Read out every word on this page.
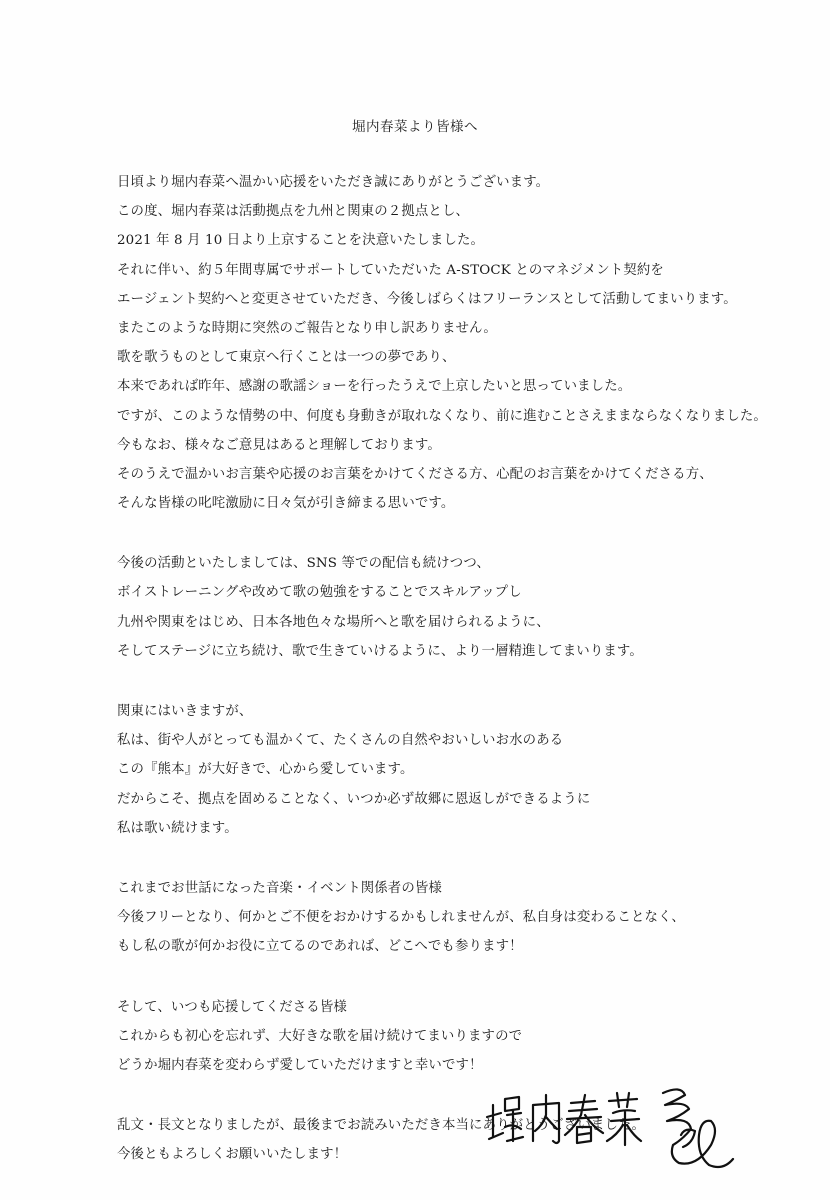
堀内春菜より皆様へ
日頃より堀内春菜へ温かい応援をいただき誠にありがとうございます。
この度、堀内春菜は活動拠点を九州と関東の２拠点とし、
2021 年 8 月 10 日より上京することを決意いたしました。
それに伴い、約５年間専属でサポートしていただいた A-STOCK とのマネジメント契約を
エージェント契約へと変更させていただき、今後しばらくはフリーランスとして活動してまいります。
またこのような時期に突然のご報告となり申し訳ありません。
歌を歌うものとして東京へ行くことは一つの夢であり、
本来であれば昨年、感謝の歌謡ショーを行ったうえで上京したいと思っていました。
ですが、このような情勢の中、何度も身動きが取れなくなり、前に進むことさえままならなくなりました。
今もなお、様々なご意見はあると理解しております。
そのうえで温かいお言葉や応援のお言葉をかけてくださる方、心配のお言葉をかけてくださる方、
そんな皆様の叱咤激励に日々気が引き締まる思いです。
今後の活動といたしましては、SNS 等での配信も続けつつ、
ボイストレーニングや改めて歌の勉強をすることでスキルアップし
九州や関東をはじめ、日本各地色々な場所へと歌を届けられるように、
そしてステージに立ち続け、歌で生きていけるように、より一層精進してまいります。
関東にはいきますが、
私は、街や人がとっても温かくて、たくさんの自然やおいしいお水のある
この『熊本』が大好きで、心から愛しています。
だからこそ、拠点を固めることなく、いつか必ず故郷に恩返しができるように
私は歌い続けます。
これまでお世話になった音楽・イベント関係者の皆様
今後フリーとなり、何かとご不便をおかけするかもしれませんが、私自身は変わることなく、
もし私の歌が何かお役に立てるのであれば、どこへでも参ります！
そして、いつも応援してくださる皆様
これからも初心を忘れず、大好きな歌を届け続けてまいりますので
どうか堀内春菜を変わらず愛していただけますと幸いです！
乱文・長文となりましたが、最後までお読みいただき本当にありがとうございました。
今後ともよろしくお願いいたします！
